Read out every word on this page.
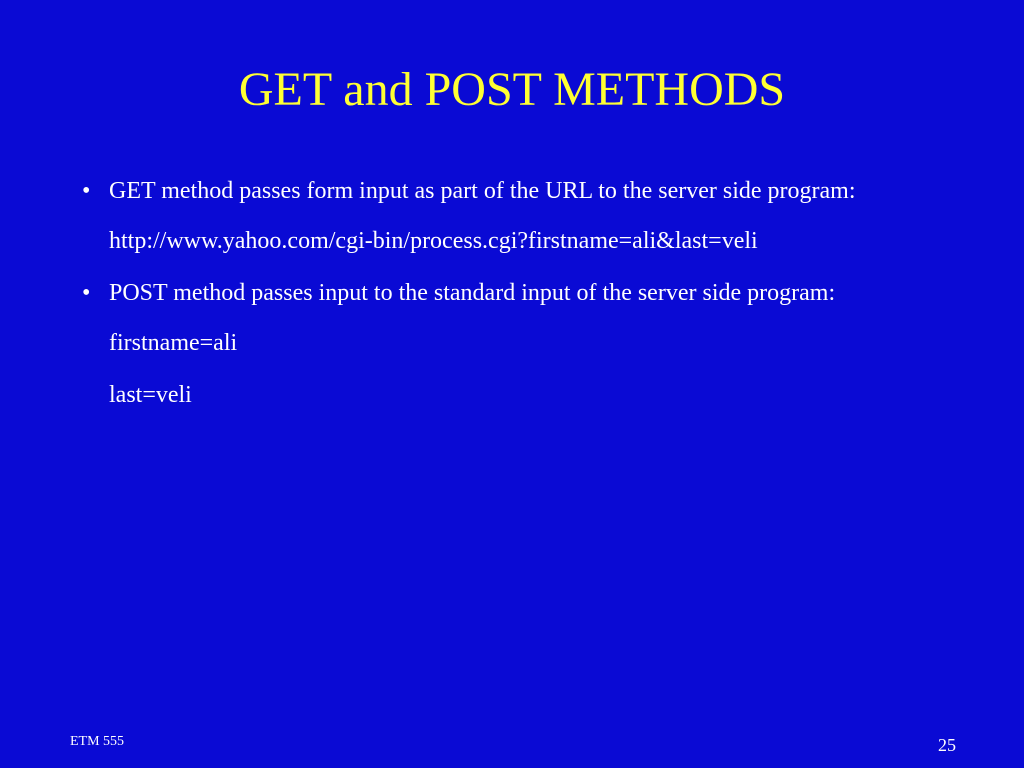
GET and POST METHODS

• GET method passes form input as part of the URL to the server side program:

http://www.yahoo.com/cgi-bin/process.cgi?firstname=ali&last=veli

• POST method passes input to the standard input of the server side program:

firstname=ali

last=veli

ETM 555	25
